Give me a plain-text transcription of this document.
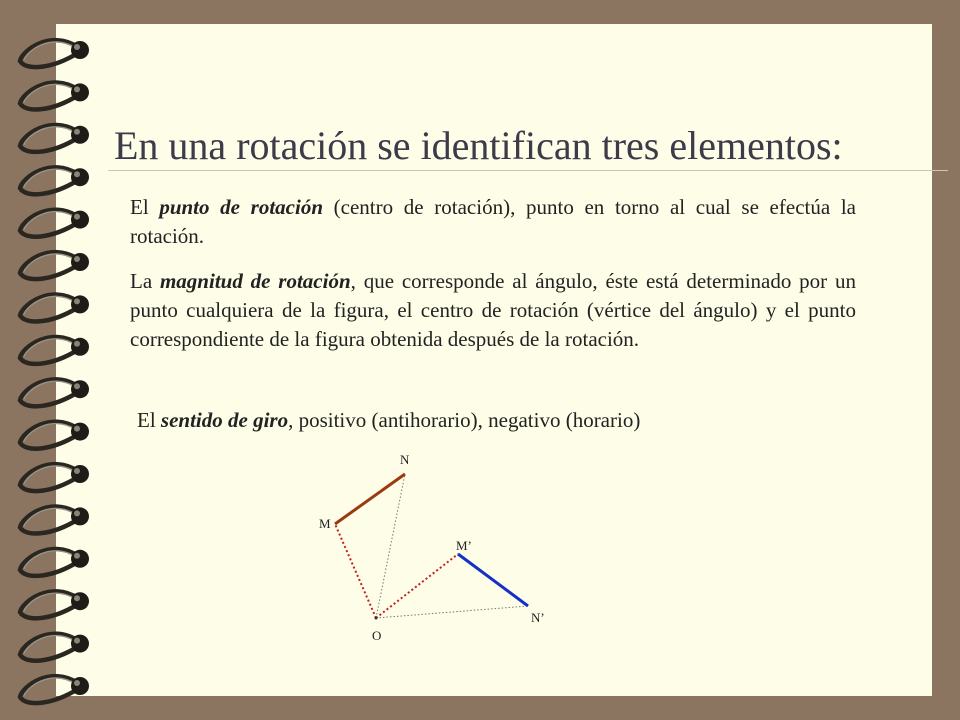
En una rotación se identifican tres elementos:
El punto de rotación (centro de rotación), punto en torno al cual se efectúa la rotación.
La magnitud de rotación, que corresponde al ángulo, éste está determinado por un punto cualquiera de la figura, el centro de rotación (vértice del ángulo) y el punto correspondiente de la figura obtenida después de la rotación.
El sentido de giro, positivo (antihorario), negativo (horario)
N
M
M’
N’
O
